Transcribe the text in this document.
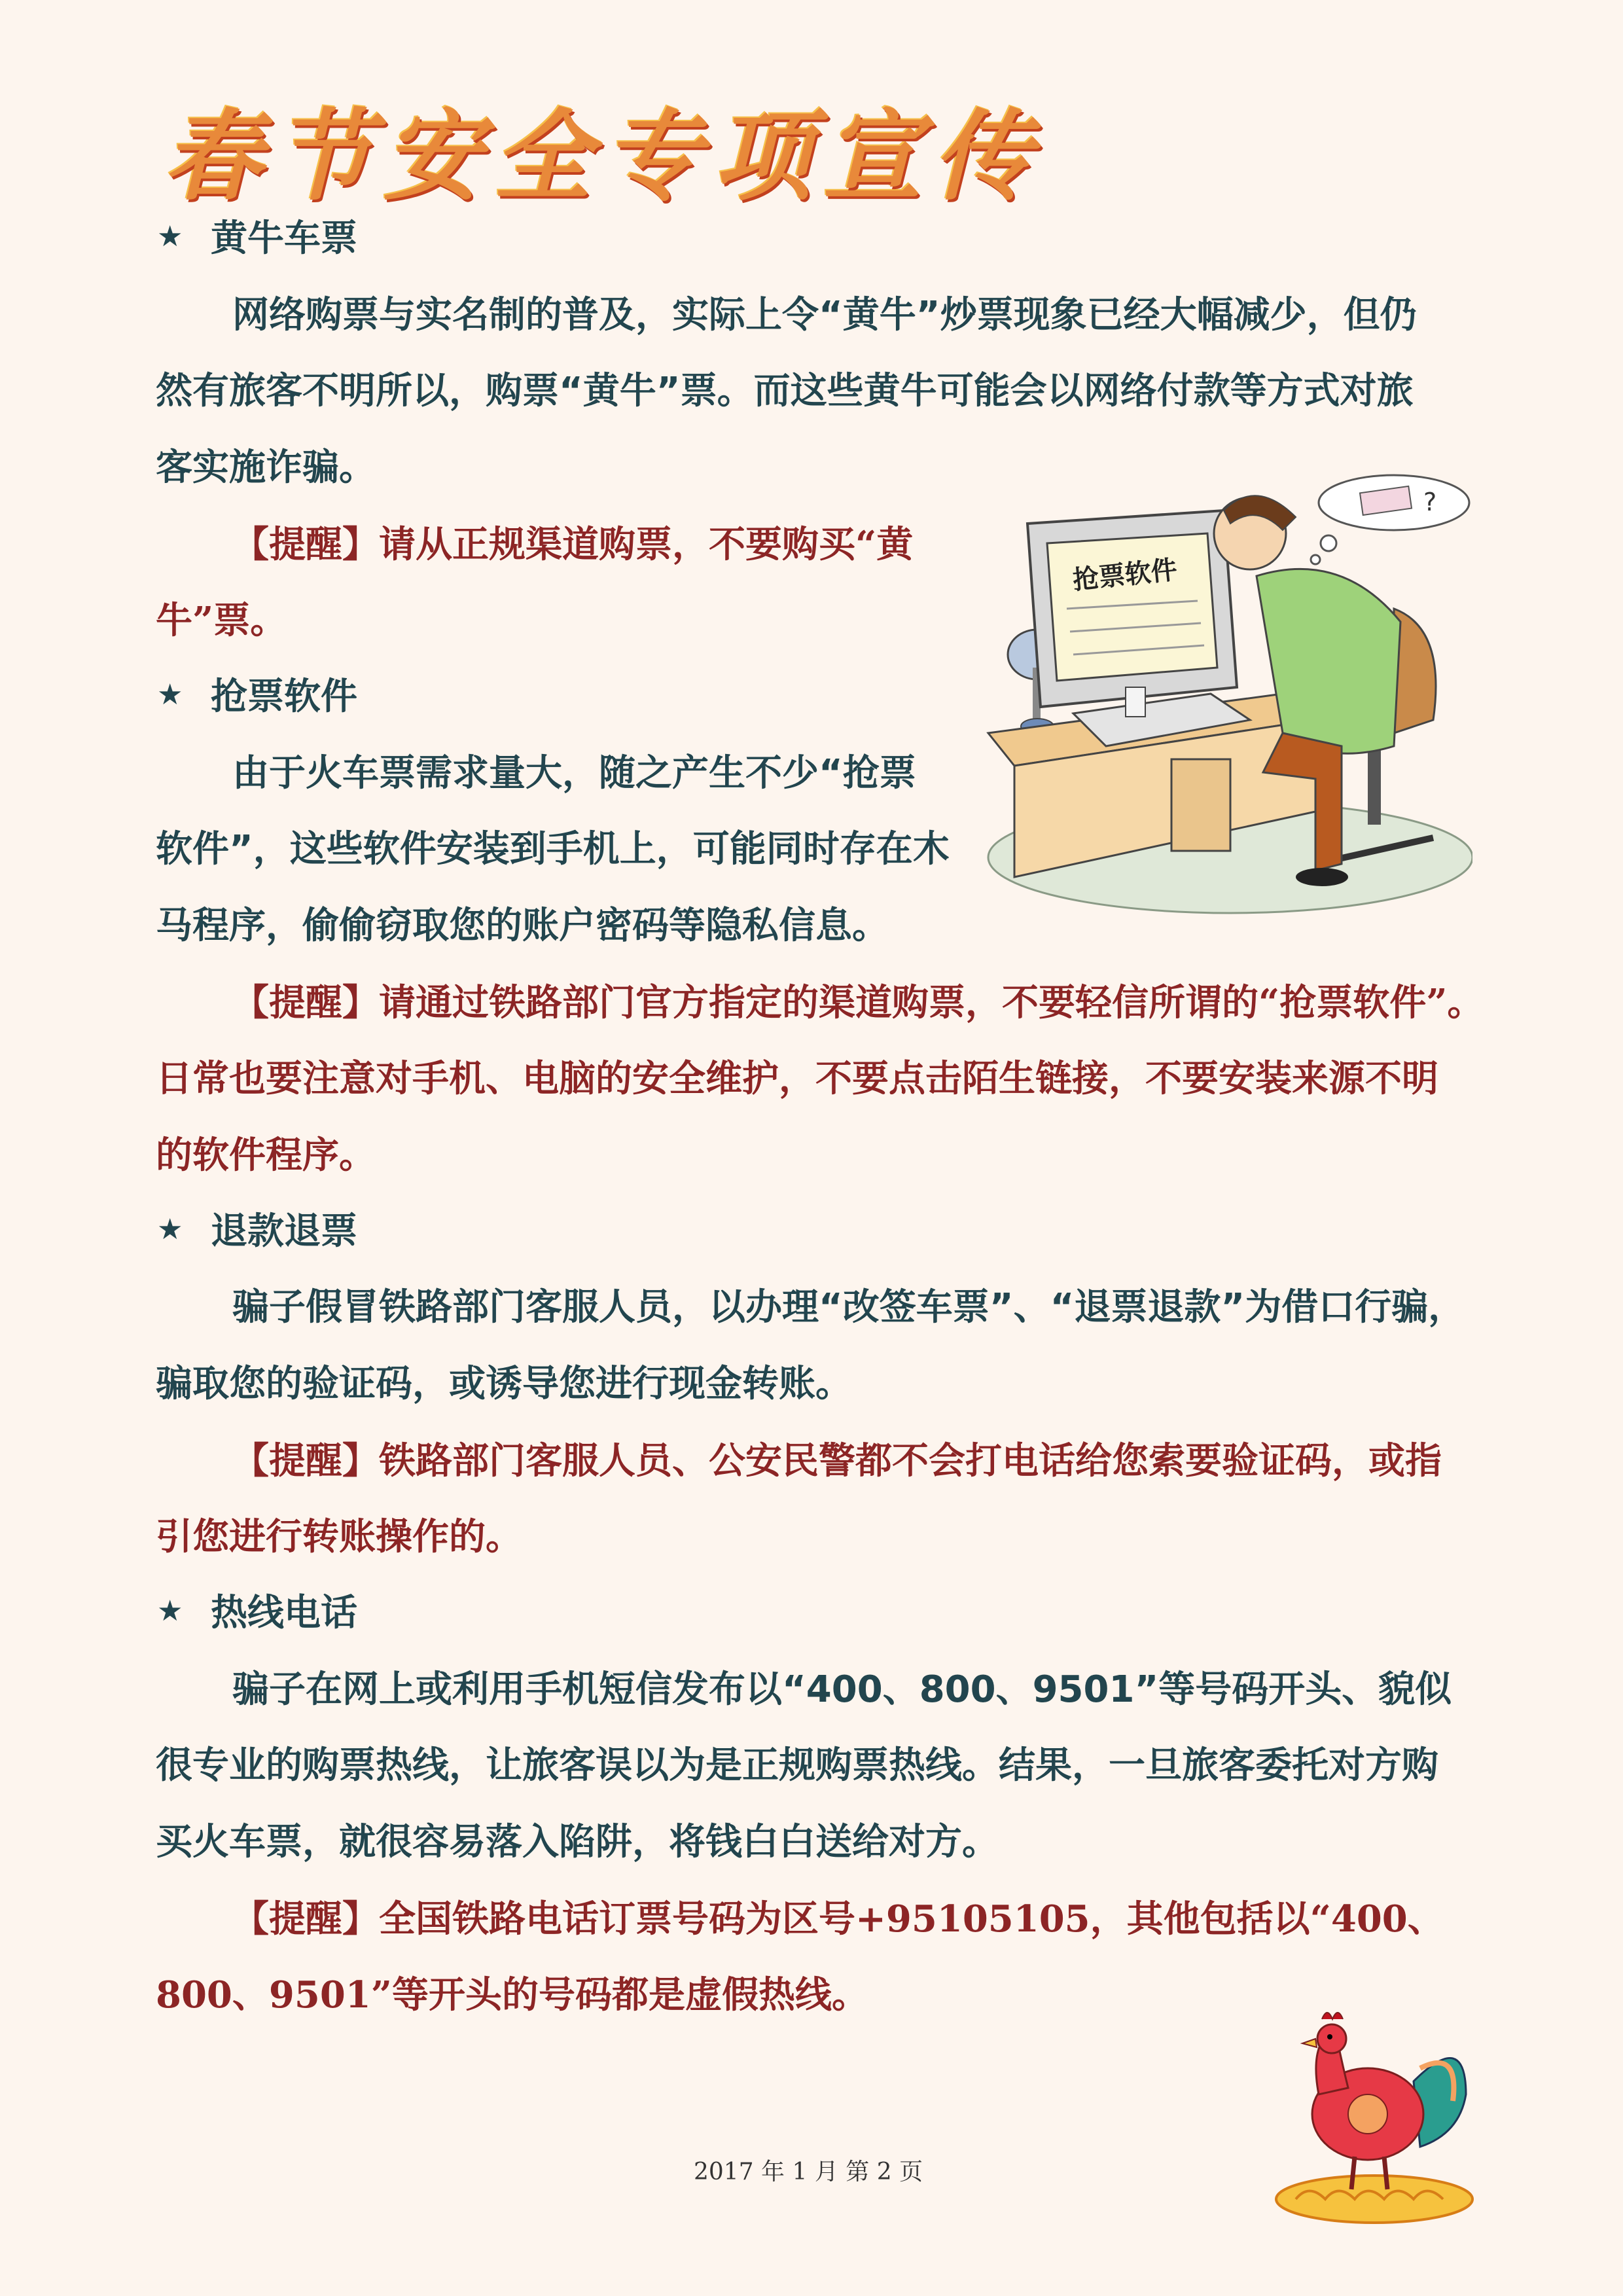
春节安全专项宣传
★ 黄牛车票
网络购票与实名制的普及，实际上令“黄牛”炒票现象已经大幅减少，但仍
然有旅客不明所以，购票“黄牛”票。而这些黄牛可能会以网络付款等方式对旅
客实施诈骗。
【提醒】请从正规渠道购票，不要购买“黄
牛”票。
★ 抢票软件
由于火车票需求量大，随之产生不少“抢票
软件”，这些软件安装到手机上，可能同时存在木
马程序，偷偷窃取您的账户密码等隐私信息。
【提醒】请通过铁路部门官方指定的渠道购票，不要轻信所谓的“抢票软件”。
日常也要注意对手机、电脑的安全维护，不要点击陌生链接，不要安装来源不明
的软件程序。
★ 退款退票
骗子假冒铁路部门客服人员，以办理“改签车票”、“退票退款”为借口行骗，
骗取您的验证码，或诱导您进行现金转账。
【提醒】铁路部门客服人员、公安民警都不会打电话给您索要验证码，或指
引您进行转账操作的。
★ 热线电话
骗子在网上或利用手机短信发布以“400、800、9501”等号码开头、貌似
很专业的购票热线，让旅客误以为是正规购票热线。结果，一旦旅客委托对方购
买火车票，就很容易落入陷阱，将钱白白送给对方。
【提醒】全国铁路电话订票号码为区号+95105105，其他包括以“400、
800、9501”等开头的号码都是虚假热线。
?
抢票软件
2017 年 1 月 第 2 页
